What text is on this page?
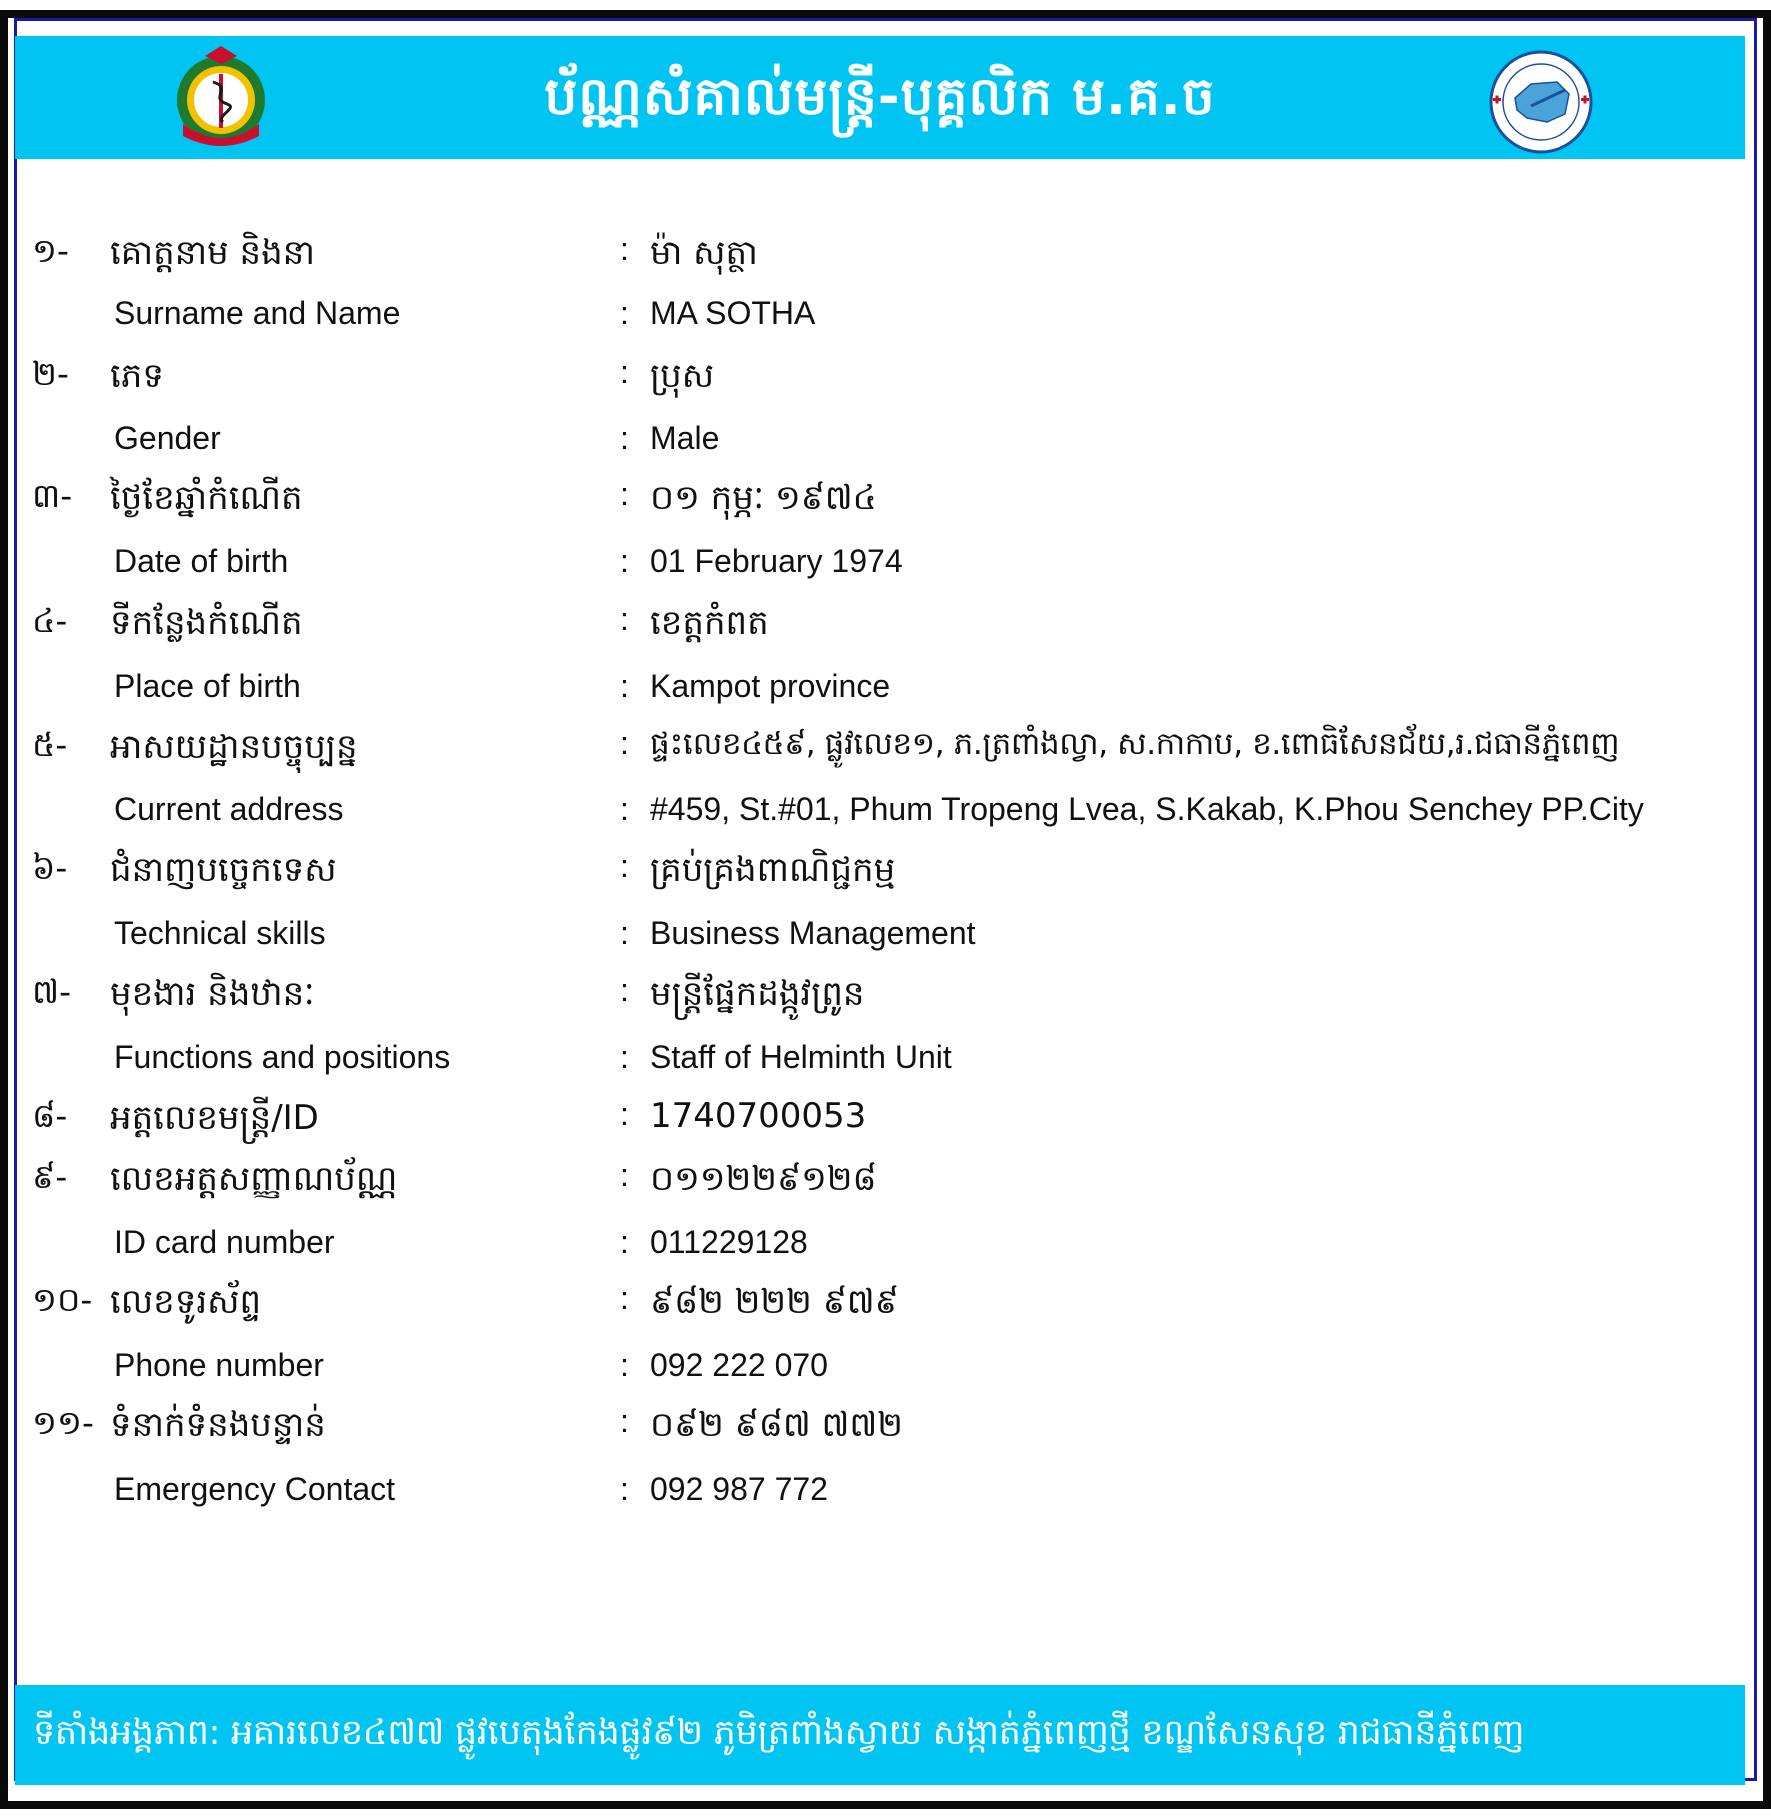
ប័ណ្ណសំគាល់មន្ត្រី-បុគ្គលិក ម.គ.ច
១- គោត្តនាម និងនា	: ម៉ា សុត្ថា
Surname and Name	: MA SOTHA
២- ភេទ	: ប្រុស
Gender	: Male
៣- ថ្ងៃខែឆ្នាំកំណើត	: ០១ កុម្ភៈ ១៩៧៤
Date of birth	: 01 February 1974
៤- ទីកន្លែងកំណើត	: ខេត្តកំពត
Place of birth	: Kampot province
៥- អាសយដ្ឋានបច្ចុប្បន្ន	: ផ្ទះលេខ៤៥៩, ផ្លូវលេខ១, ភ.ត្រពាំងល្វា, ស.កាកាប, ខ.ពោធិសែនជ័យ,រ.ជធានីភ្នំពេញ
Current address	: #459, St.#01, Phum Tropeng Lvea, S.Kakab, K.Phou Senchey PP.City
៦- ជំនាញបច្ចេកទេស	: គ្រប់គ្រងពាណិជ្ជកម្ម
Technical skills	: Business Management
៧- មុខងារ និងឋានៈ	: មន្ត្រីផ្នែកដង្កូវព្រូន
Functions and positions	: Staff of Helminth Unit
៨- អត្តលេខមន្ត្រី/ID	: 1740700053
៩- លេខអត្តសញ្ញាណប័ណ្ណ	: ០១១២២៩១២៨
ID card number	: 011229128
១០- លេខទូរស័ព្ទ	: ៩៨២ ២២២ ៩៧៩
Phone number	: 092 222 070
១១- ទំនាក់ទំនងបន្ទាន់	: ០៩២ ៩៨៧ ៧៧២
Emergency Contact	: 092 987 772
ទីតាំងអង្គភាព: អគារលេខ៤៧៧ ផ្លូវបេតុងកែងផ្លូវ៩២ ភូមិត្រពាំងស្វាយ សង្កាត់ភ្នំពេញថ្មី ខណ្ឌសែនសុខ រាជធានីភ្នំពេញ
